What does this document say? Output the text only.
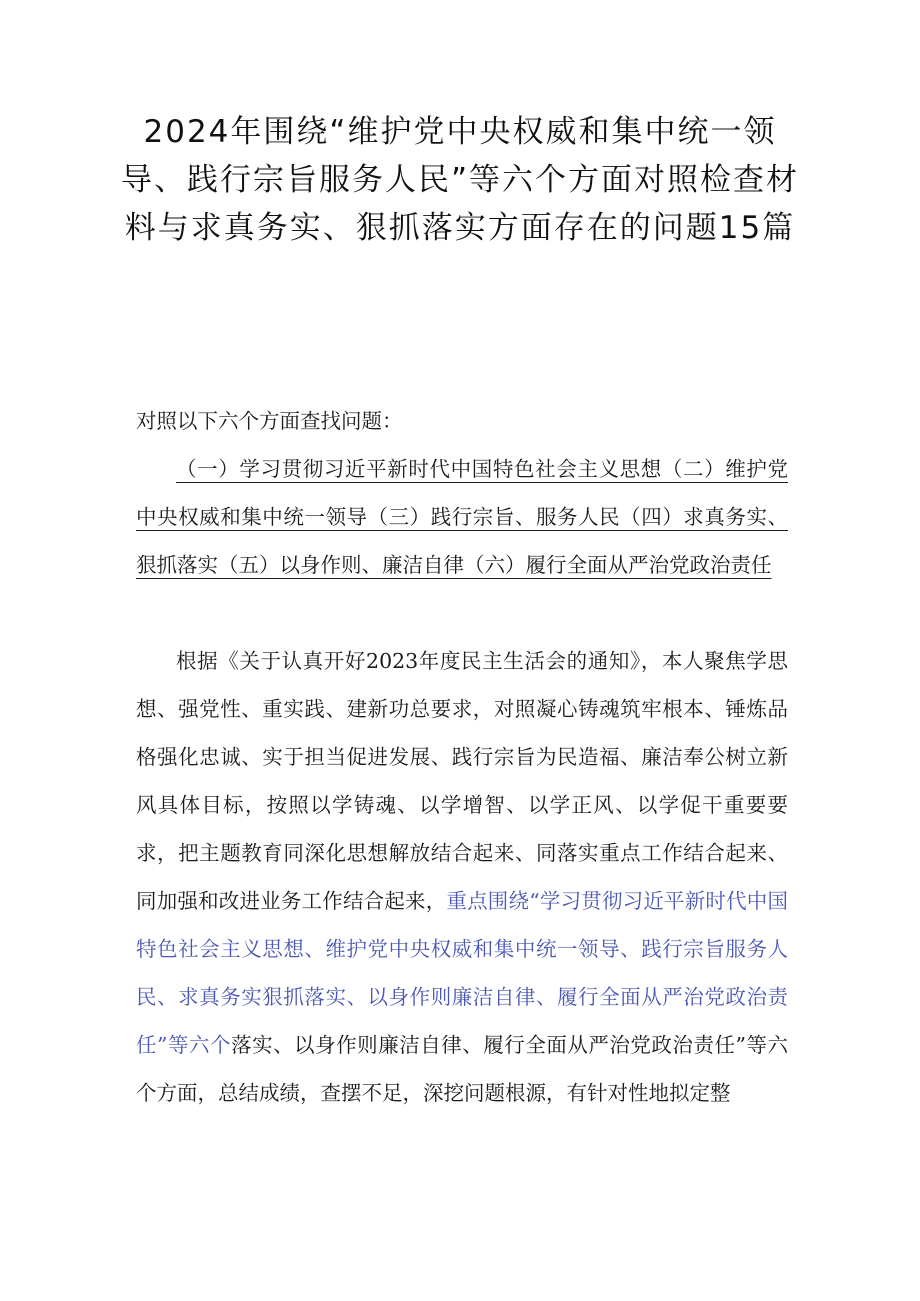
2024年围绕“维护党中央权威和集中统一领导、践行宗旨服务人民”等六个方面对照检查材料与求真务实、狠抓落实方面存在的问题15篇

对照以下六个方面查找问题：

（一）学习贯彻习近平新时代中国特色社会主义思想（二）维护党中央权威和集中统一领导（三）践行宗旨、服务人民（四）求真务实、狠抓落实（五）以身作则、廉洁自律（六）履行全面从严治党政治责任

根据《关于认真开好2023年度民主生活会的通知》，本人聚焦学思想、强党性、重实践、建新功总要求，对照凝心铸魂筑牢根本、锤炼品格强化忠诚、实于担当促进发展、践行宗旨为民造福、廉洁奉公树立新风具体目标，按照以学铸魂、以学增智、以学正风、以学促干重要要求，把主题教育同深化思想解放结合起来、同落实重点工作结合起来、同加强和改进业务工作结合起来，重点围绕“学习贯彻习近平新时代中国特色社会主义思想、维护党中央权威和集中统一领导、践行宗旨服务人民、求真务实狠抓落实、以身作则廉洁自律、履行全面从严治党政治责任”等六个落实、以身作则廉洁自律、履行全面从严治党政治责任”等六个方面，总结成绩，查摆不足，深挖问题根源，有针对性地拟定整
